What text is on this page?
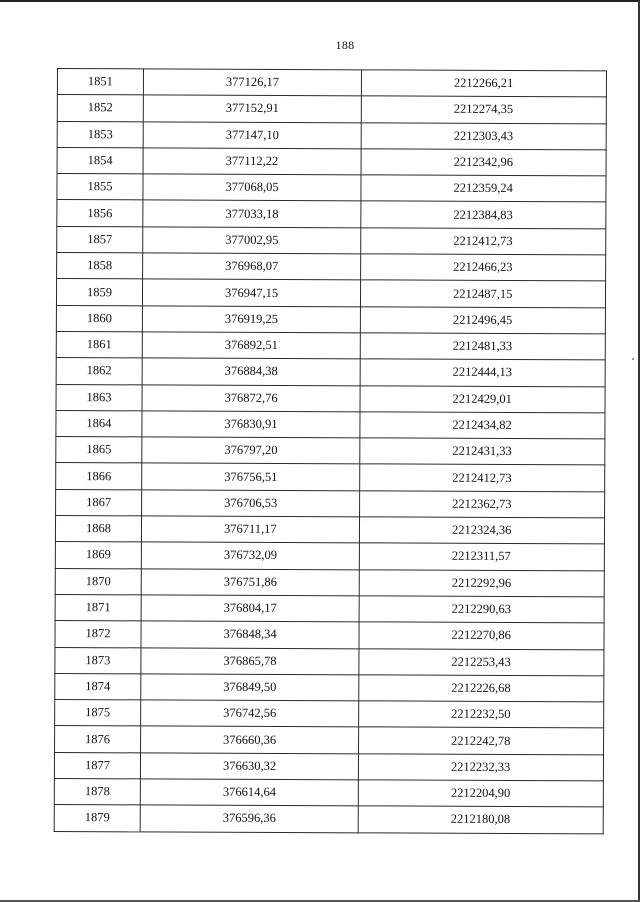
188
1851	377126,17	2212266,21
1852	377152,91	2212274,35
1853	377147,10	2212303,43
1854	377112,22	2212342,96
1855	377068,05	2212359,24
1856	377033,18	2212384,83
1857	377002,95	2212412,73
1858	376968,07	2212466,23
1859	376947,15	2212487,15
1860	376919,25	2212496,45
1861	376892,51	2212481,33
1862	376884,38	2212444,13
1863	376872,76	2212429,01
1864	376830,91	2212434,82
1865	376797,20	2212431,33
1866	376756,51	2212412,73
1867	376706,53	2212362,73
1868	376711,17	2212324,36
1869	376732,09	2212311,57
1870	376751,86	2212292,96
1871	376804,17	2212290,63
1872	376848,34	2212270,86
1873	376865,78	2212253,43
1874	376849,50	2212226,68
1875	376742,56	2212232,50
1876	376660,36	2212242,78
1877	376630,32	2212232,33
1878	376614,64	2212204,90
1879	376596,36	2212180,08
